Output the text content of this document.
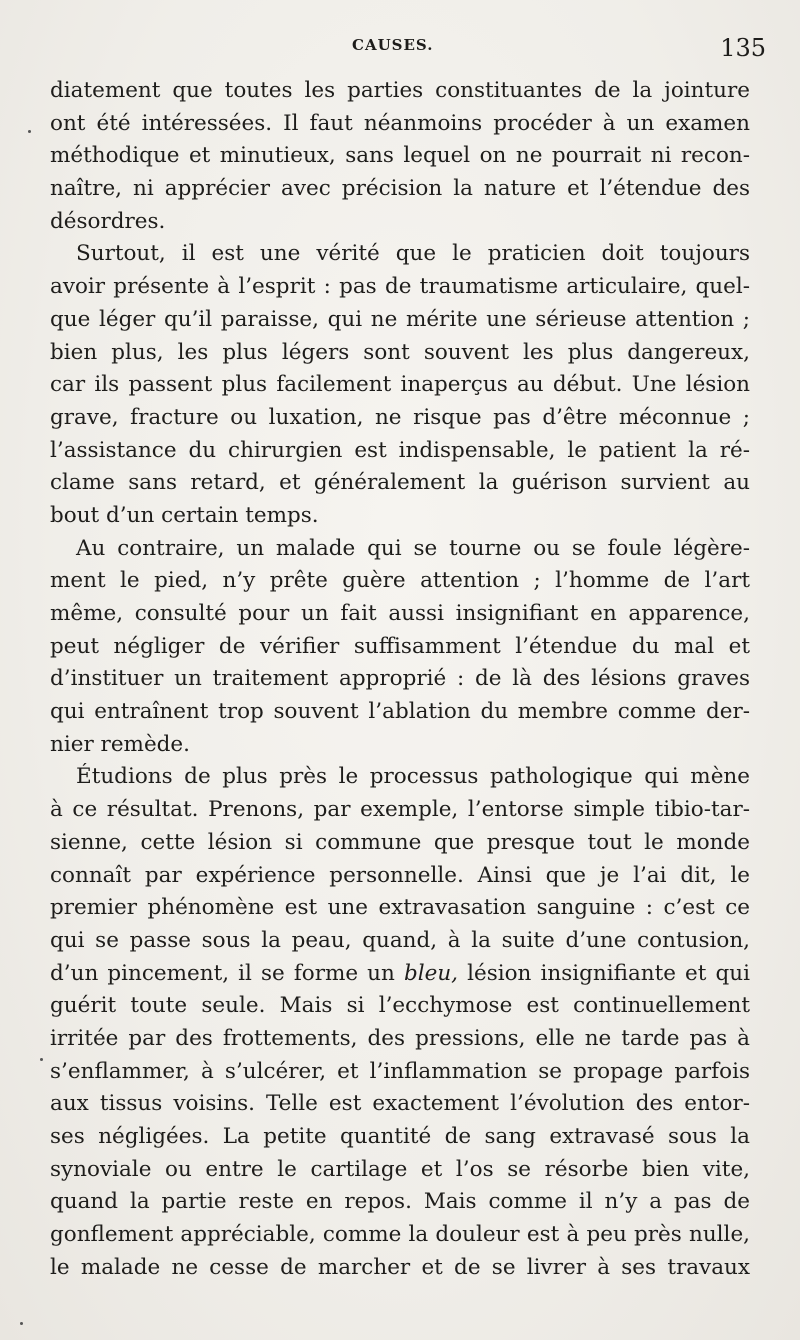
CAUSES.	135
diatement que toutes les parties constituantes de la jointure
ont été intéressées. Il faut néanmoins procéder à un examen
méthodique et minutieux, sans lequel on ne pourrait ni recon-
naître, ni apprécier avec précision la nature et l’étendue des
désordres.
Surtout, il est une vérité que le praticien doit toujours
avoir présente à l’esprit : pas de traumatisme articulaire, quel-
que léger qu’il paraisse, qui ne mérite une sérieuse attention ;
bien plus, les plus légers sont souvent les plus dangereux,
car ils passent plus facilement inaperçus au début. Une lésion
grave, fracture ou luxation, ne risque pas d’être méconnue ;
l’assistance du chirurgien est indispensable, le patient la ré-
clame sans retard, et généralement la guérison survient au
bout d’un certain temps.
Au contraire, un malade qui se tourne ou se foule légère-
ment le pied, n’y prête guère attention ; l’homme de l’art
même, consulté pour un fait aussi insignifiant en apparence,
peut négliger de vérifier suffisamment l’étendue du mal et
d’instituer un traitement approprié : de là des lésions graves
qui entraînent trop souvent l’ablation du membre comme der-
nier remède.
Étudions de plus près le processus pathologique qui mène
à ce résultat. Prenons, par exemple, l’entorse simple tibio-tar-
sienne, cette lésion si commune que presque tout le monde
connaît par expérience personnelle. Ainsi que je l’ai dit, le
premier phénomène est une extravasation sanguine : c’est ce
qui se passe sous la peau, quand, à la suite d’une contusion,
d’un pincement, il se forme un bleu, lésion insignifiante et qui
guérit toute seule. Mais si l’ecchymose est continuellement
irritée par des frottements, des pressions, elle ne tarde pas à
s’enflammer, à s’ulcérer, et l’inflammation se propage parfois
aux tissus voisins. Telle est exactement l’évolution des entor-
ses négligées. La petite quantité de sang extravasé sous la
synoviale ou entre le cartilage et l’os se résorbe bien vite,
quand la partie reste en repos. Mais comme il n’y a pas de
gonflement appréciable, comme la douleur est à peu près nulle,
le malade ne cesse de marcher et de se livrer à ses travaux
